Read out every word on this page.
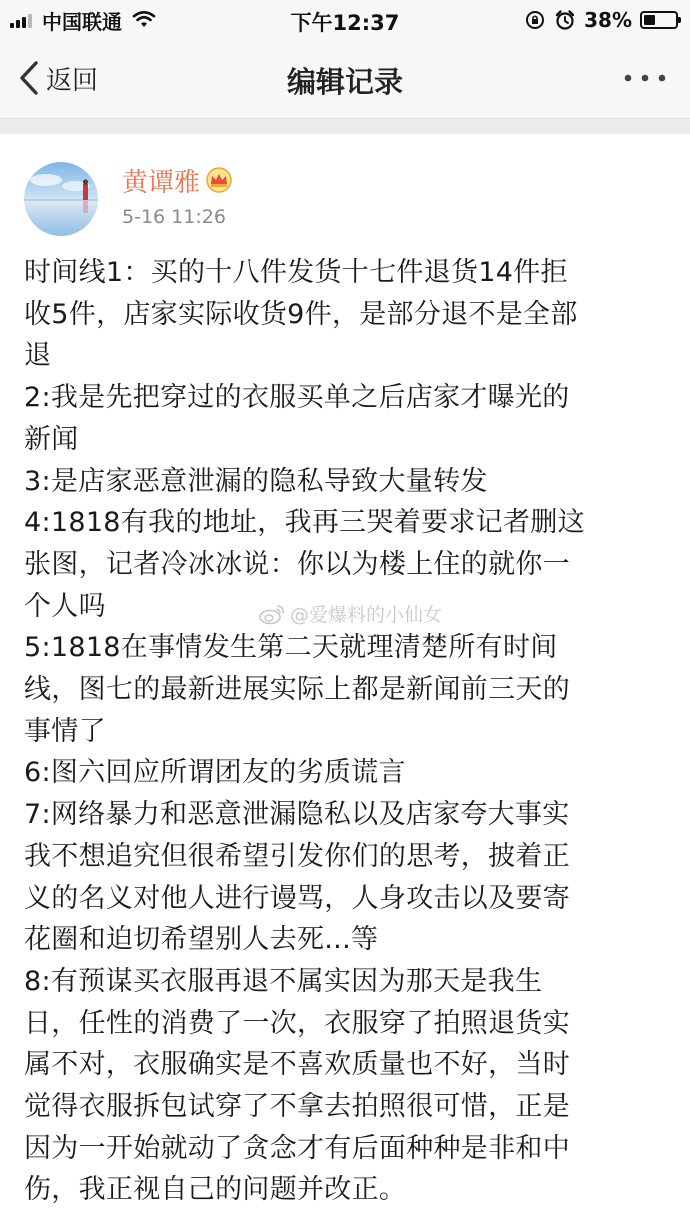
中国联通	下午12:37	38%
返回	编辑记录
黄谭雅
5-16 11:26
时间线1：买的十八件发货十七件退货14件拒
收5件，店家实际收货9件，是部分退不是全部
退
2:我是先把穿过的衣服买单之后店家才曝光的
新闻
3:是店家恶意泄漏的隐私导致大量转发
4:1818有我的地址，我再三哭着要求记者删这
张图，记者冷冰冰说：你以为楼上住的就你一
个人吗
5:1818在事情发生第二天就理清楚所有时间
线，图七的最新进展实际上都是新闻前三天的
事情了
6:图六回应所谓团友的劣质谎言
7:网络暴力和恶意泄漏隐私以及店家夸大事实
我不想追究但很希望引发你们的思考，披着正
义的名义对他人进行谩骂，人身攻击以及要寄
花圈和迫切希望别人去死...等
8:有预谋买衣服再退不属实因为那天是我生
日，任性的消费了一次，衣服穿了拍照退货实
属不对，衣服确实是不喜欢质量也不好，当时
觉得衣服拆包试穿了不拿去拍照很可惜，正是
因为一开始就动了贪念才有后面种种是非和中
伤，我正视自己的问题并改正。
@爱爆料的小仙女
